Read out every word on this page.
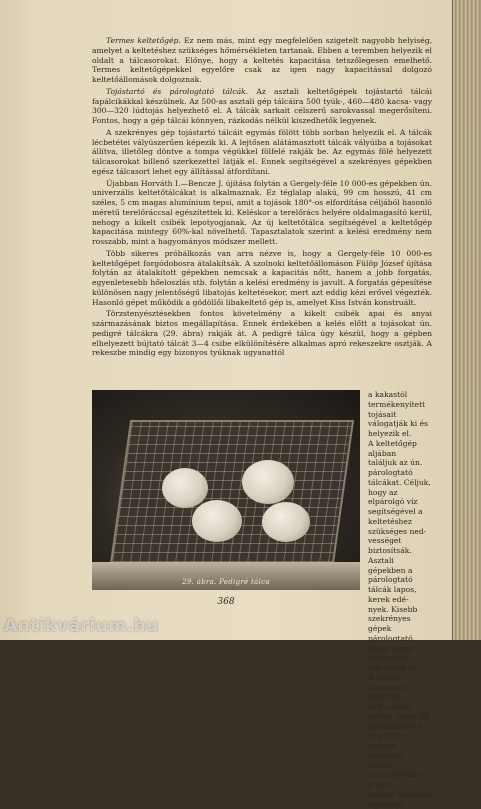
Termes keltetőgép. Ez nem más, mint egy megfelelően szigetelt nagyobb helyiség, amelyet a keltetéshez szükséges hőmérsékleten tartanak. Ebben a teremben helyezik el oldalt a tálcasorokat. Előnye, hogy a keltetés kapacitása tetszőlegesen emelhető. Termes keltetőgépekkel egyelőre csak az igen nagy kapacitással dolgozó keltetőállomások dolgoznak.

Tojástartó és párologtató tálcák. Az asztali keltetőgépek tojástartó tálcái fapálcikákkal készülnek. Az 500-as asztali gép tálcáira 500 tyúk-, 460—480 kacsa- vagy 300—320 lúdtojás helyezhető el. A tálcák sarkait célszerű sarokvassal megerősíteni. Fontos, hogy a gép tálcái könnyen, rázkodás nélkül kiszedhetők legyenek.

A szekrényes gép tojástartó tálcáit egymás fölött több sorban helyezik el. A tálcák lécbetétei vályúszerűen képezik ki. A lejtősen alátámasztott tálcák vályúiba a tojásokat állítva, illetőleg döntve a tompa végükkel fölfelé rakják be. Az egymás fölé helyezett tálcasorokat billenő szerkezettel látják el. Ennek segítségével a szekrényes gépekben egész tálcasort lehet egy állítással átfordítani.

Újabban Horváth I.—Bencze J. újítása folytán a Gergely-féle 10 000-es gépekben ún. univerzális keltetőtálcákat is alkalmaznak. Ez téglalap alakú, 99 cm hosszú, 41 cm széles, 5 cm magas alumínium tepsi, amit a tojások 180°-os elfordítása céljából hasonló méretű terelőráccsal egészítettek ki. Keléskor a terelőrács helyére oldalmagasító kerül, nehogy a kikelt csibék lepotyogjanak. Az új keltetőtálca segítségével a keltetőgép kapacitása mintegy 60%-kal növelhető. Tapasztalatok szerint a kelési eredmény nem rosszabb, mint a hagyományos módszer mellett.

Több sikeres próbálkozás van arra nézve is, hogy a Gergely-féle 10 000-es keltetőgépet forgódobosra átalakítsák. A szolnoki keltetőállomáson Fülöp József újítása folytán az átalakított gépekben nemcsak a kapacitás nőtt, hanem a jobb forgatás, egyenletesebb hőeloszlás stb. folytán a kelési eredmény is javult. A forgatás gépesítése különösen nagy jelentőségű libatojás keltetésekor, mert azt eddig kézi erővel végezték. Hasonló gépet működik a gödöllői libakeltető gép is, amelyet Kiss István konstruált.

Törzstenyésztésekben fontos követelmény a kikelt csibék apai és anyai származásának biztos megállapítása. Ennek érdekében a kelés előtt a tojásokat ún. pedigré tálcákra (29. ábra) rakják át. A pedigré tálca úgy készül, hogy a gépben elhelyezett bújtató tálcát 3—4 csibe elkülönítésére alkalmas apró rekeszekre osztják. A rekeszbe mindig egy bizonyos tyúknak ugyanattól

29. ábra. Pedigré tálca

a kakastól termékenyített

tojásait válogatják ki és

helyezik el.

A keltetőgép aljában

találjuk az ún. párologtató

tálcákat. Céljuk, hogy az

elpárolgó víz segítségével a

keltetéshez szükséges ned-

vességet biztosítsák. Asztali

gépekben a párologtató

tálcák lapos, kerek edé-

nyek. Kisebb szekrényes

gépek párologtató tálcái a gép

fűtőtestein fekszenek el.

A tálcák kiképzése mélyebb,

vályú alakú edény, amely jól

ráilleszthető a gép fűtő-

testére. Nagyobb szekré-

nyes gépekben a páro-

logtató tálcákról elpárolgó

368
Antikvárium.hu
